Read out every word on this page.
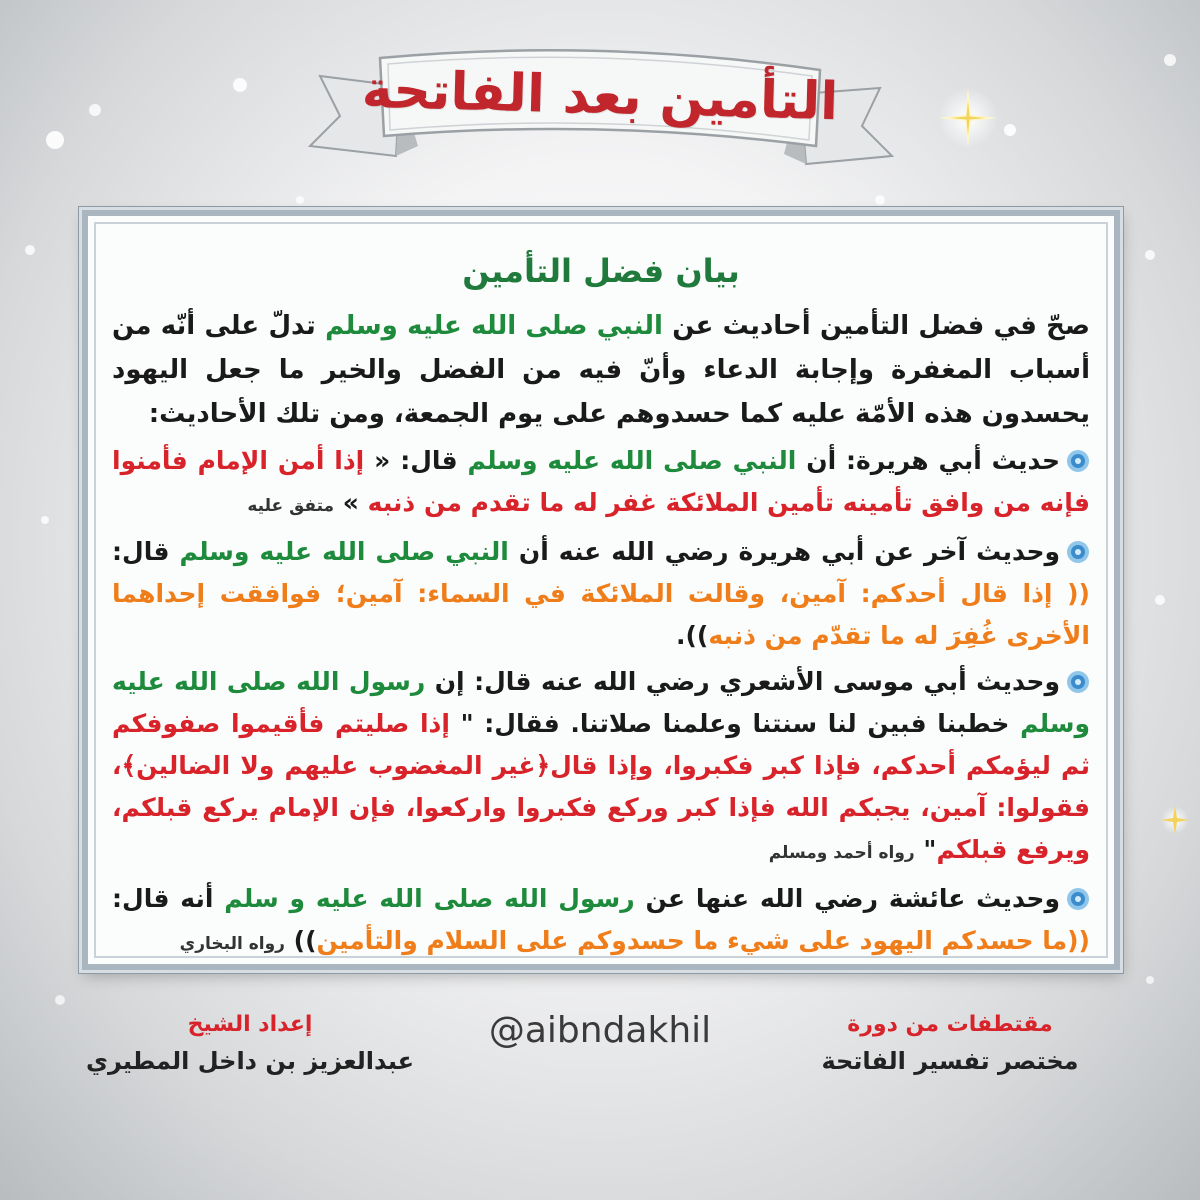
التأمين بعد الفاتحة
بيان فضل التأمين

صحّ في فضل التأمين أحاديث عن النبي صلى الله عليه وسلم تدلّ على أنّه من أسباب المغفرة وإجابة الدعاء وأنّ فيه من الفضل والخير ما جعل اليهود يحسدون هذه الأمّة عليه كما حسدوهم على يوم الجمعة، ومن تلك الأحاديث:

حديث أبي هريرة: أن النبي صلى الله عليه وسلم قال: « إذا أمن الإمام فأمنوا فإنه من وافق تأمينه تأمين الملائكة غفر له ما تقدم من ذنبه » متفق عليه

وحديث آخر عن أبي هريرة رضي الله عنه أن النبي صلى الله عليه وسلم قال: (( إذا قال أحدكم: آمين، وقالت الملائكة في السماء: آمين؛ فوافقت إحداهما الأخرى غُفِرَ له ما تقدّم من ذنبه)).

وحديث أبي موسى الأشعري رضي الله عنه قال: إن رسول الله صلى الله عليه وسلم خطبنا فبين لنا سنتنا وعلمنا صلاتنا. فقال: " إذا صليتم فأقيموا صفوفكم ثم ليؤمكم أحدكم، فإذا كبر فكبروا، وإذا قال﴿غير المغضوب عليهم ولا الضالين﴾، فقولوا: آمين، يجبكم الله فإذا كبر وركع فكبروا واركعوا، فإن الإمام يركع قبلكم، ويرفع قبلكم" رواه أحمد ومسلم

وحديث عائشة رضي الله عنها عن رسول الله صلى الله عليه و سلم أنه قال: ((ما حسدكم اليهود على شيء ما حسدوكم على السلام والتأمين)) رواه البخاري

مقتطفات من دورة
مختصر تفسير الفاتحة
@aibndakhil
إعداد الشيخ
عبدالعزيز بن داخل المطيري
